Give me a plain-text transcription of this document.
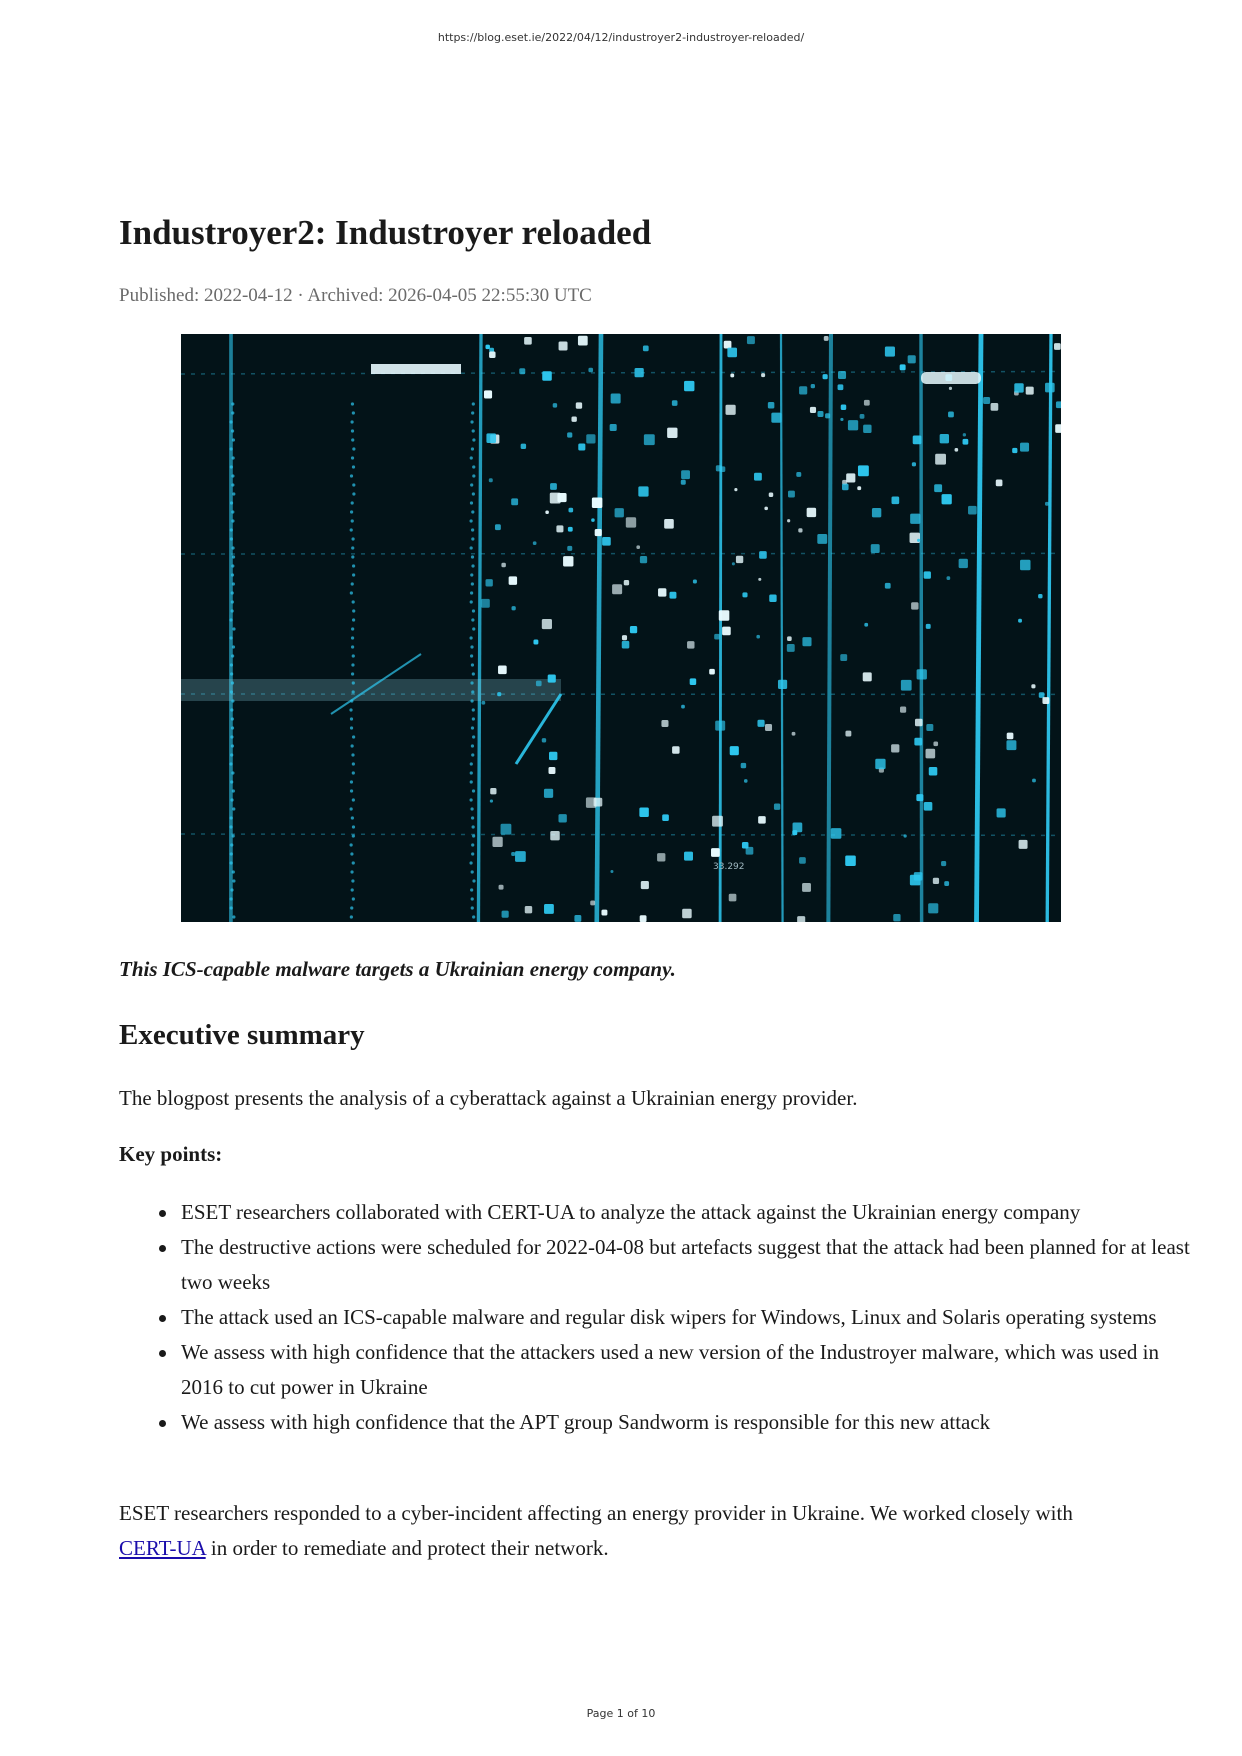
https://blog.eset.ie/2022/04/12/industroyer2-industroyer-reloaded/
Industroyer2: Industroyer reloaded
Published: 2022-04-12 · Archived: 2026-04-05 22:55:30 UTC
33.292
This ICS-capable malware targets a Ukrainian energy company.
Executive summary

The blogpost presents the analysis of a cyberattack against a Ukrainian energy provider.

Key points:

ESET researchers collaborated with CERT-UA to analyze the attack against the Ukrainian energy company
The destructive actions were scheduled for 2022-04-08 but artefacts suggest that the attack had been planned for at least two weeks
The attack used an ICS-capable malware and regular disk wipers for Windows, Linux and Solaris operating systems
We assess with high confidence that the attackers used a new version of the Industroyer malware, which was used in 2016 to cut power in Ukraine
We assess with high confidence that the APT group Sandworm is responsible for this new attack

ESET researchers responded to a cyber-incident affecting an energy provider in Ukraine. We worked closely with CERT-UA in order to remediate and protect their network.

Page 1 of 10
